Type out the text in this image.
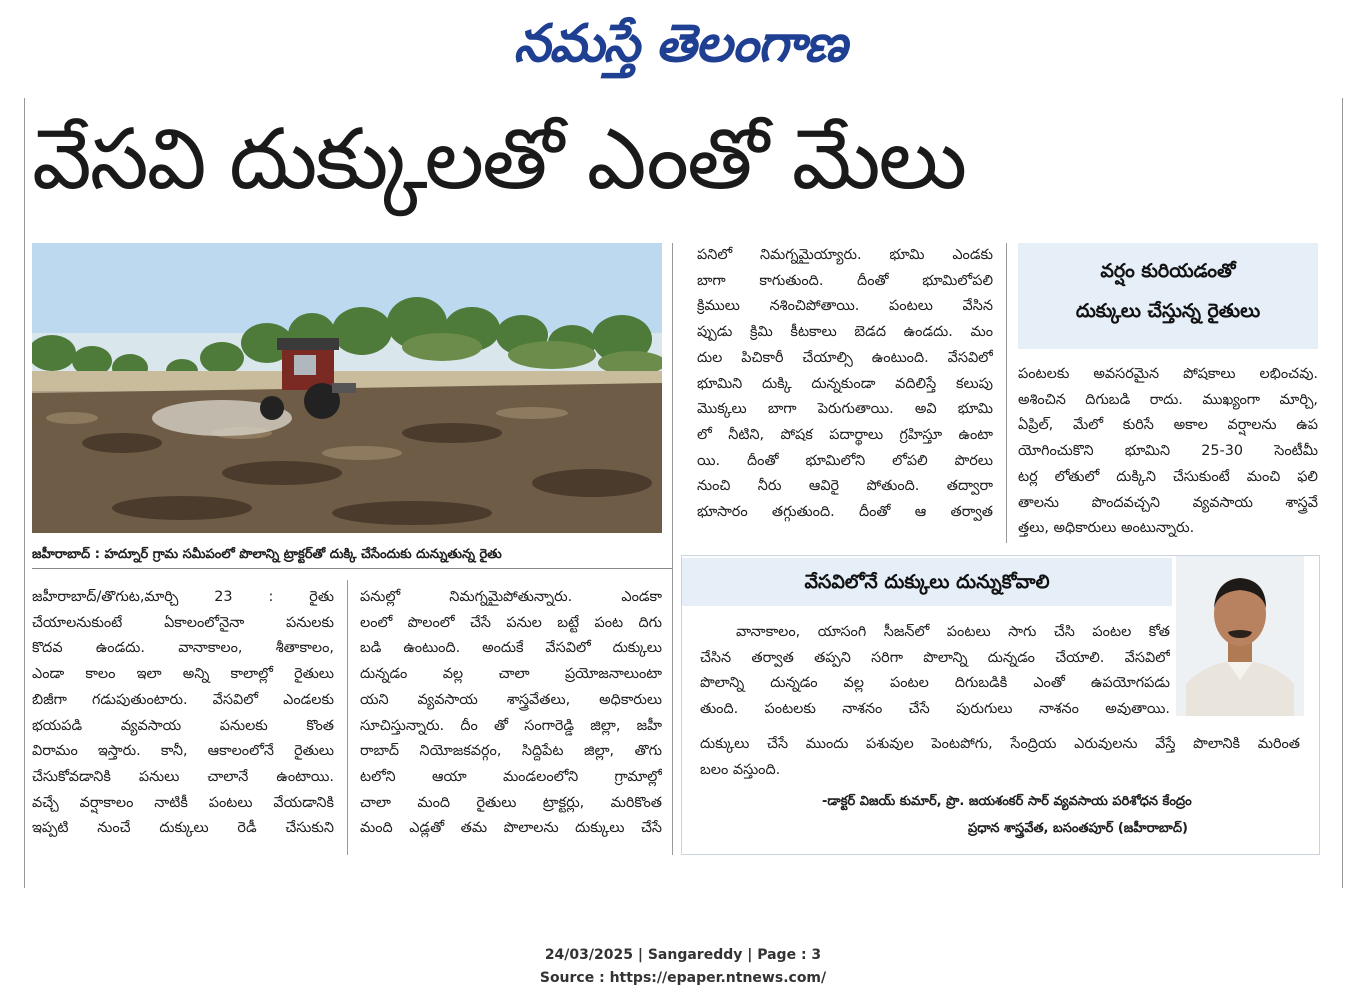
నమస్తే తెలంగాణ
వేసవి దుక్కులతో ఎంతో మేలు
జహీరాబాద్ : హద్నూర్ గ్రామ సమీపంలో పొలాన్ని ట్రాక్టర్‌తో దుక్కి చేసేందుకు దున్నుతున్న రైతు

జహీరాబాద్/తొగుట,మార్చి 23 : రైతు

చేయాలనుకుంటే ఏకాలంలోనైనా పనులకు

కొదవ ఉండదు. వానాకాలం, శీతాకాలం,

ఎండా కాలం ఇలా అన్ని కాలాల్లో రైతులు

బిజీగా గడుపుతుంటారు. వేసవిలో ఎండలకు

భయపడి వ్యవసాయ పనులకు కొంత

విరామం ఇస్తారు. కానీ, ఆకాలంలోనే రైతులు

చేసుకోవడానికి పనులు చాలానే ఉంటాయి.

వచ్చే వర్షాకాలం నాటికీ పంటలు వేయడానికి

ఇప్పటి నుంచే దుక్కులు రెడీ చేసుకుని

పనుల్లో నిమగ్నమైపోతున్నారు. ఎండకా

లంలో పొలంలో చేసే పనుల బట్టే పంట దిగు

బడి ఉంటుంది. అందుకే వేసవిలో దుక్కులు

దున్నడం వల్ల చాలా ప్రయోజనాలుంటా

యని వ్యవసాయ శాస్త్రవేతలు, అధికారులు

సూచిస్తున్నారు. దీం తో సంగారెడ్డి జిల్లా, జహీ

రాబాద్ నియోజకవర్గం, సిద్దిపేట జిల్లా, తొగు

టలోని ఆయా మండలంలోని గ్రామాల్లో

చాలా మంది రైతులు ట్రాక్టర్లు, మరికొంత

మంది ఎడ్లతో తమ పొలాలను దుక్కులు చేసే

పనిలో నిమగ్నమైయ్యారు. భూమి ఎండకు

బాగా కాగుతుంది. దీంతో భూమిలోపలి

క్రిములు నశించిపోతాయి. పంటలు వేసిన

ప్పుడు క్రిమి కీటకాలు బెడద ఉండదు. మం

దుల పిచికారీ చేయాల్సి ఉంటుంది. వేసవిలో

భూమిని దుక్కి దున్నకుండా వదిలిస్తే కలుపు

మొక్కలు బాగా పెరుగుతాయి. అవి భూమి

లో నీటిని, పోషక పదార్థాలు గ్రహిస్తూ ఉంటా

యి. దీంతో భూమిలోని లోపలి పొరలు

నుంచి నీరు ఆవిరై పోతుంది. తద్వారా

భూసారం తగ్గుతుంది. దీంతో ఆ తర్వాత

వర్షం కురియడంతో
దుక్కులు చేస్తున్న రైతులు

పంటలకు అవసరమైన పోషకాలు లభించవు.

అశించిన దిగుబడి రాదు. ముఖ్యంగా మార్చి,

ఏప్రిల్, మేలో కురిసే అకాల వర్షాలను ఉప

యోగించుకొని భూమిని 25-30 సెంటీమీ

టర్ల లోతులో దుక్కిని చేసుకుంటే మంచి ఫలి

తాలను పొందవచ్చని వ్యవసాయ శాస్త్రవే

త్తలు, అధికారులు అంటున్నారు.

వేసవిలోనే దుక్కులు దున్నుకోవాలి

వానాకాలం, యాసంగి సీజన్‌లో పంటలు సాగు చేసి పంటల కోత

చేసిన తర్వాత తప్పని సరిగా పొలాన్ని దున్నడం చేయాలి. వేసవిలో

పొలాన్ని దున్నడం వల్ల పంటల దిగుబడికి ఎంతో ఉపయోగపడు

తుంది. పంటలకు నాశనం చేసే పురుగులు నాశనం అవుతాయి.

దుక్కులు చేసే ముందు పశువుల పెంటపోగు, సేంద్రియ ఎరువులను వేస్తే పొలానికి మరింత

బలం వస్తుంది.

-డాక్టర్ విజయ్ కుమార్, ప్రొ. జయశంకర్ సార్ వ్యవసాయ పరిశోధన కేంద్రం
ప్రధాన శాస్త్రవేత, బసంతపూర్ (జహీరాబాద్)
24/03/2025 | Sangareddy | Page : 3
Source : https://epaper.ntnews.com/
